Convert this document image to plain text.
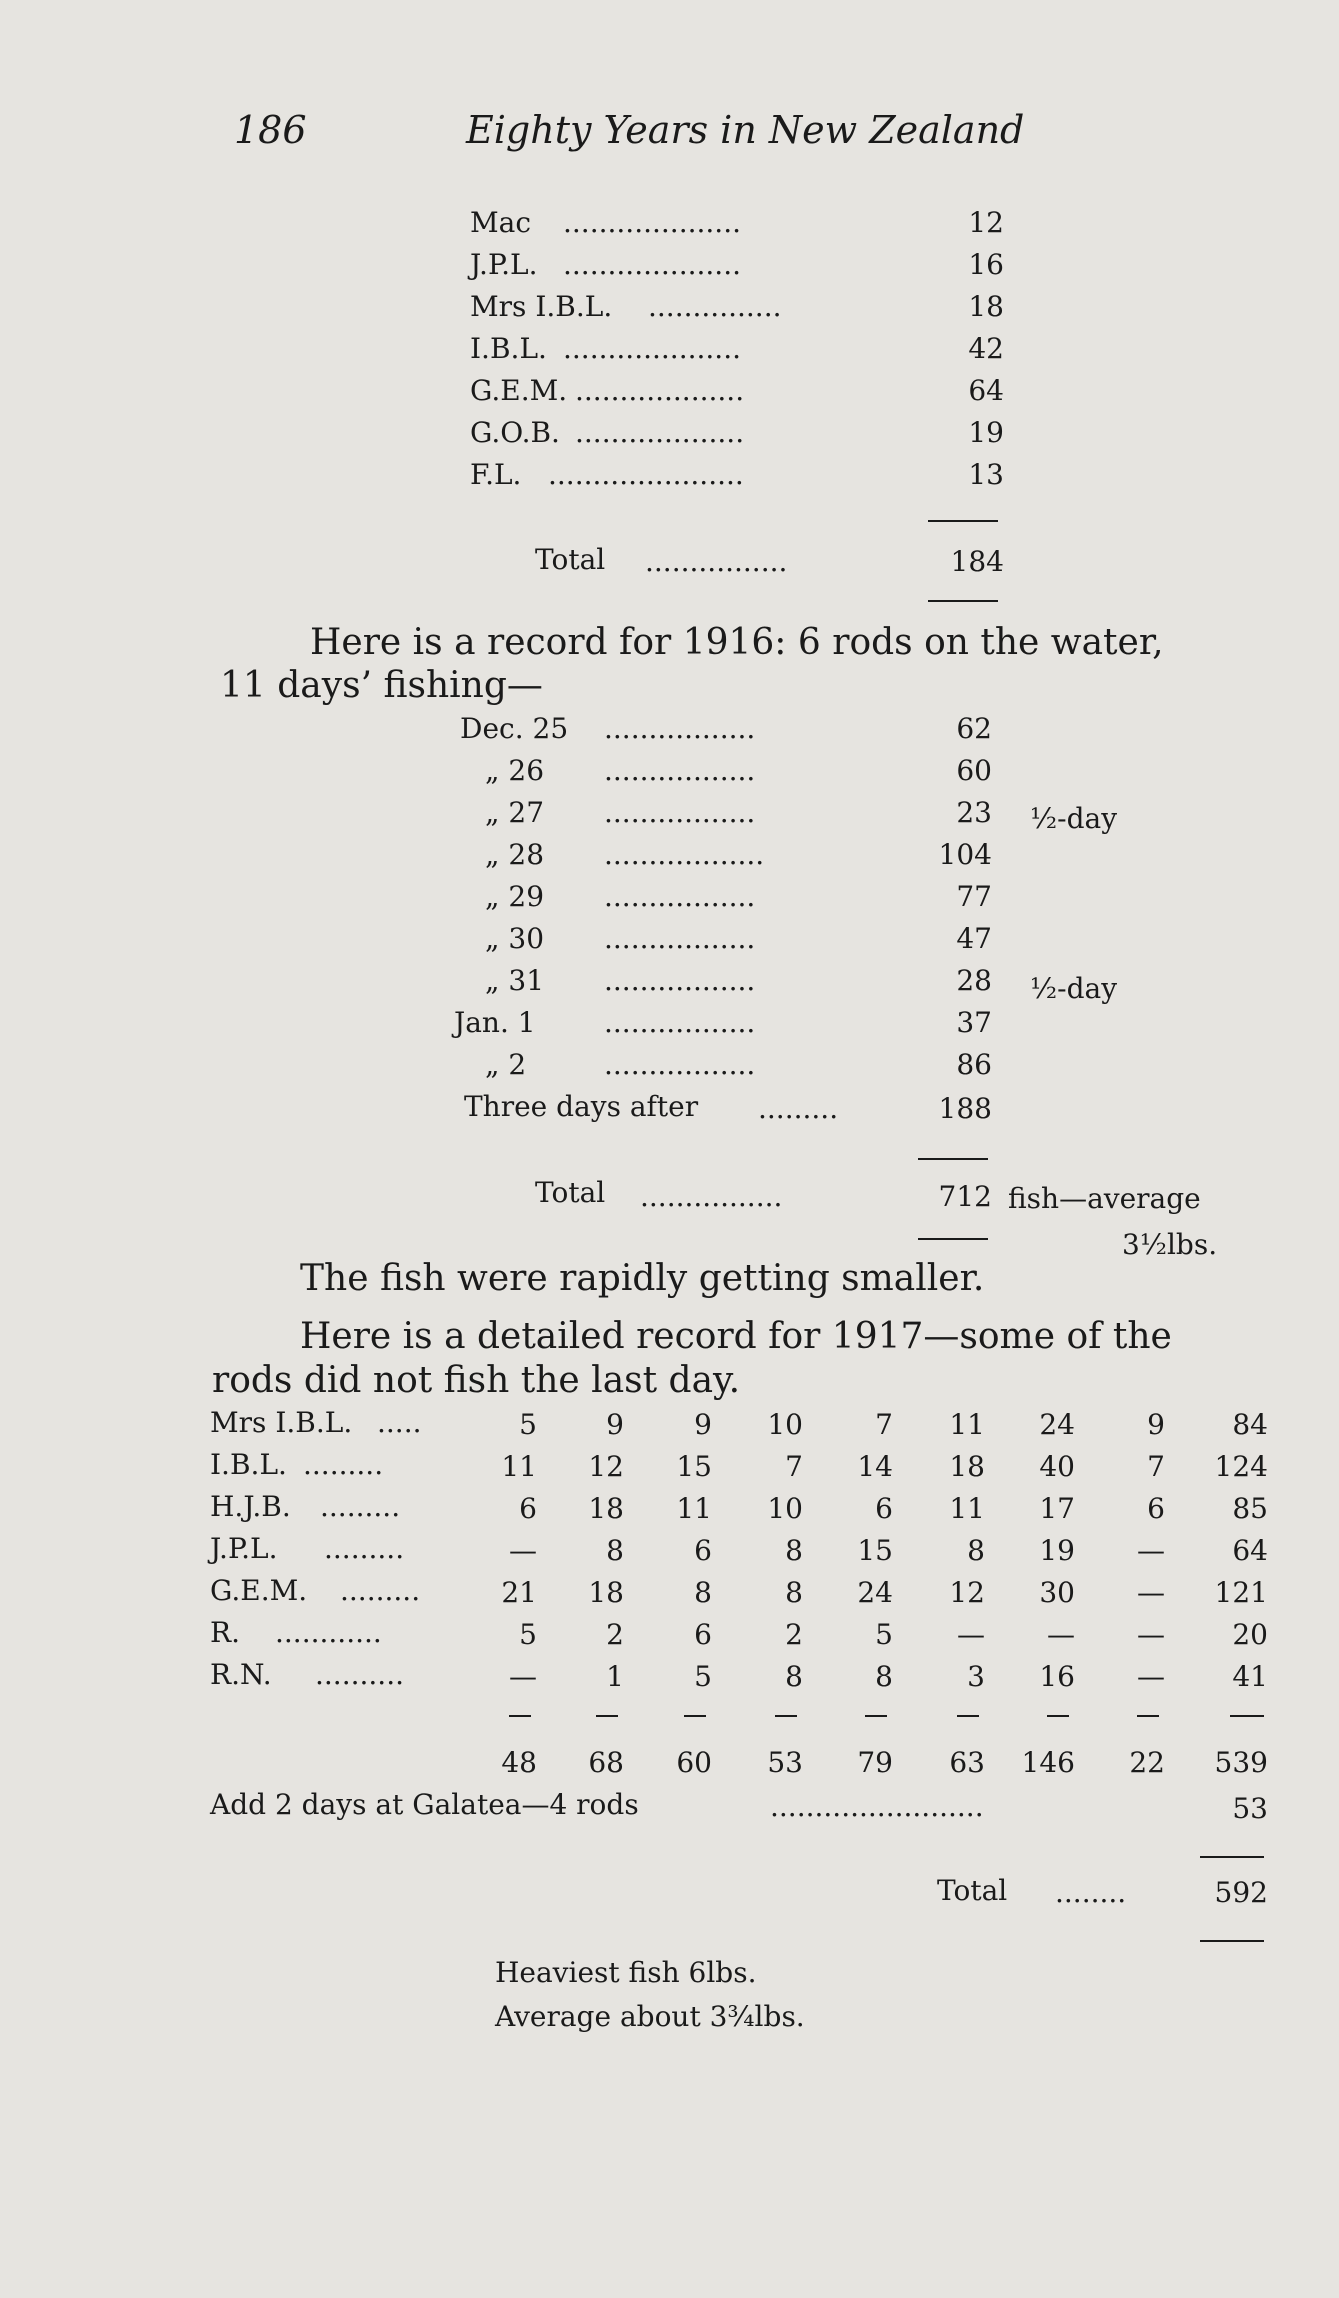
186	Eighty Years in New Zealand
Mac ....................	12
J.P.L. ....................	16
Mrs I.B.L. ...............	18
I.B.L. ....................	42
G.E.M. ...................	64
G.O.B. ...................	19
F.L. ......................	13
Total ................	184
Here is a record for 1916: 6 rods on the water,
11 days’ fishing—
Dec. 25 .................	62
„ 26 .................	60
„ 27 .................	23 ½-day
„ 28 ..................	104
„ 29 .................	77
„ 30 .................	47
„ 31 .................	28 ½-day
Jan. 1 .................	37
„ 2	.................	86
Three days after .........	188
Total ................	712 fish—average
3½lbs.
The fish were rapidly getting smaller.
Here is a detailed record for 1917—some of the
rods did not fish the last day.
Mrs I.B.L. .....	5	9	9	10	7	11	24	9	84
I.B.L. .........	11	12	15	7	14	18	40	7	124
H.J.B. .........	6	18	11	10	6	11	17	6	85
J.P.L. .........	—	8	6	8	15	8	19	—	64
G.E.M. .........	21	18	8	8	24	12	30	—	121
R. ............	5	2	6	2	5	—	—	—	20
R.N. ..........	—	1	5	8	8	3	16	—	41
48	68	60	53	79	63	146	22	539
Add 2 days at Galatea—4 rods	........................	53
Total ........	592
Heaviest fish 6lbs.
Average about 3¾lbs.
